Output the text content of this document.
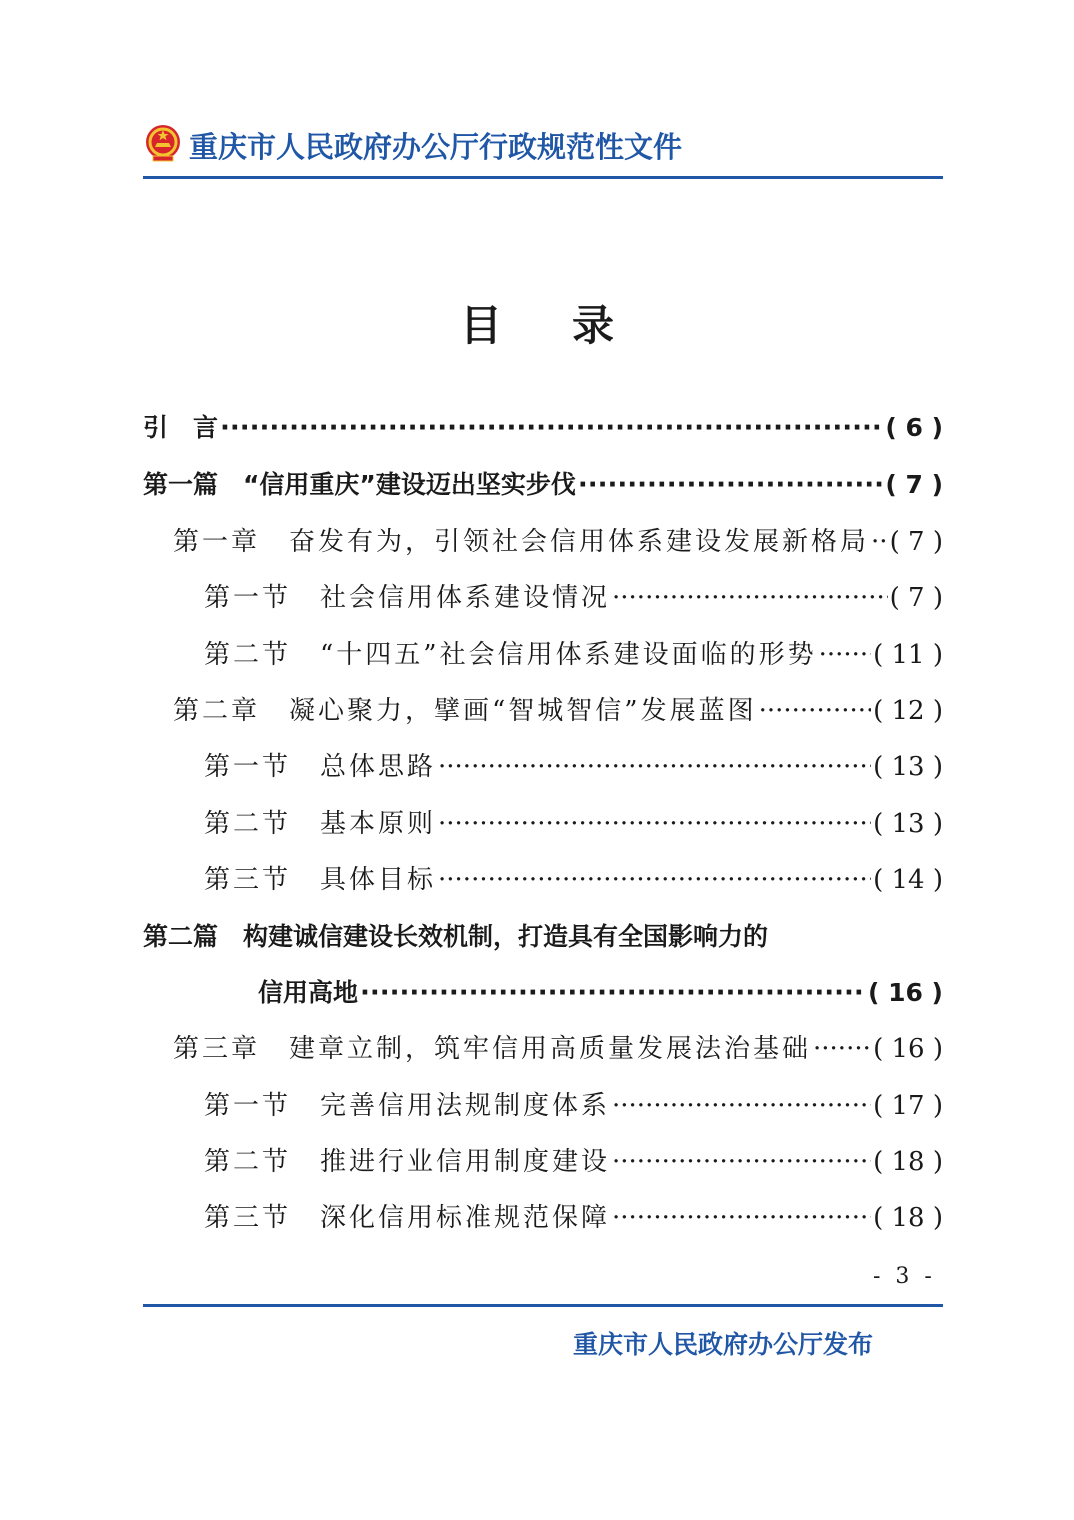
重庆市人民政府办公厅行政规范性文件
目录
引　言 ·····	( 6 )
第一篇　“信用重庆”建设迈出坚实步伐 ·····	( 7 )
第一章　奋发有为，引领社会信用体系建设发展新格局 ····· ( 7 )
第一节　社会信用体系建设情况 ·····	( 7 )
第二节　“十四五”社会信用体系建设面临的形势 ····· ( 11 )
第二章　凝心聚力，擘画“智城智信”发展蓝图 ·····	( 12 )
第一节　总体思路 ·····	( 13 )
第二节　基本原则 ·····	( 13 )
第三节　具体目标 ·····	( 14 )
第二篇　构建诚信建设长效机制，打造具有全国影响力的
信用高地 ·····	( 16 )
第三章　建章立制，筑牢信用高质量发展法治基础 ····· ( 16 )
第一节　完善信用法规制度体系 ·····	( 17 )
第二节　推进行业信用制度建设 ·····	( 18 )
第三节　深化信用标准规范保障 ·····	( 18 )
- 3 -
重庆市人民政府办公厅发布
